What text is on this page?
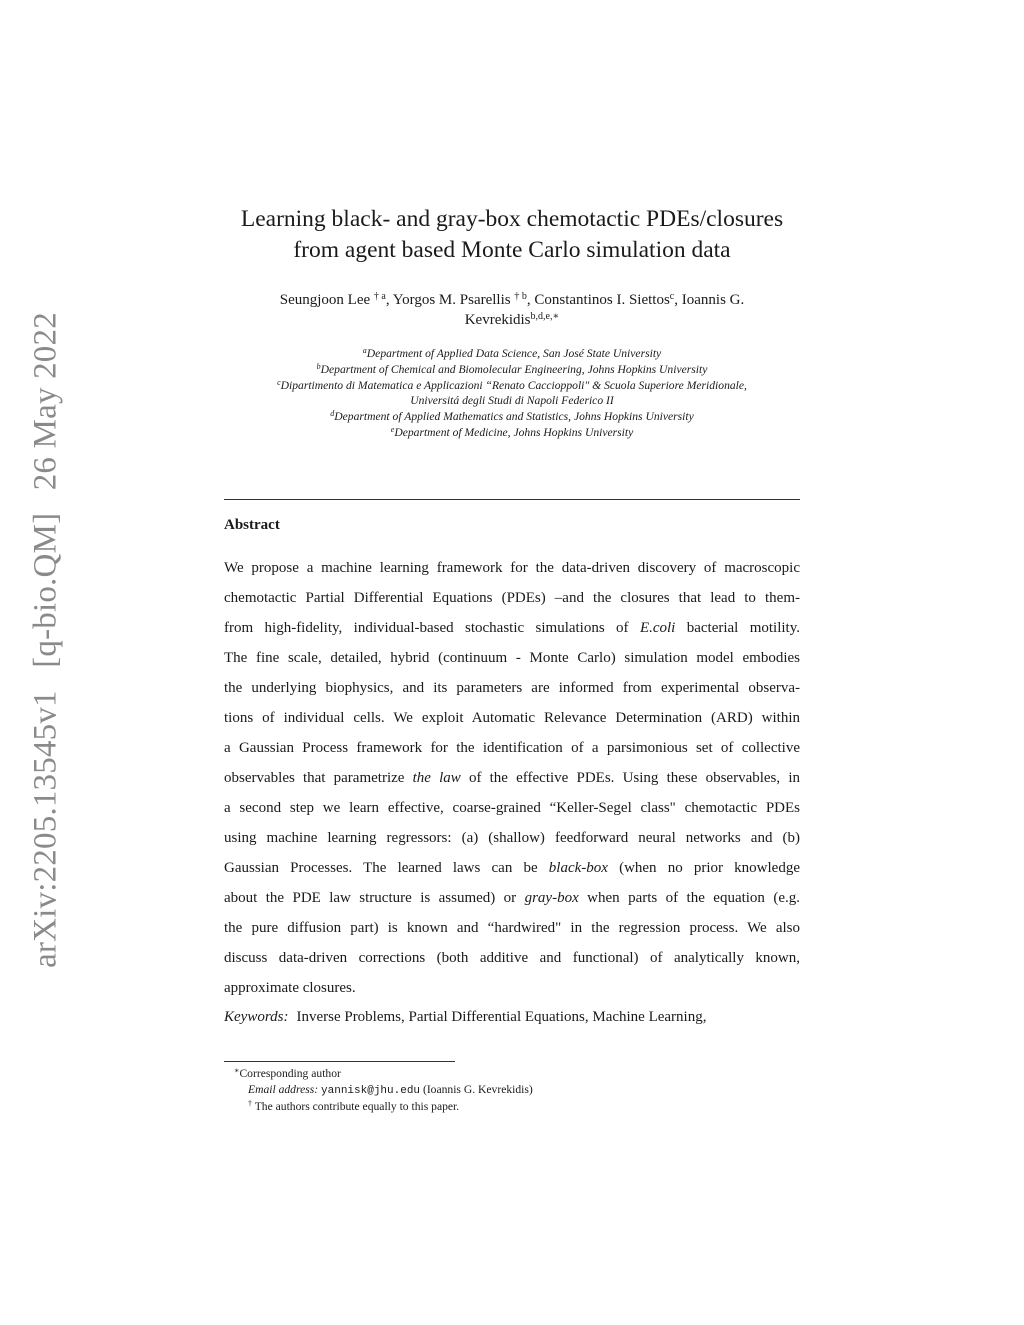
arXiv:2205.13545v1 [q-bio.QM] 26 May 2022
Learning black- and gray-box chemotactic PDEs/closures
from agent based Monte Carlo simulation data
Seungjoon Lee $^{\dagger a}$, Yorgos M. Psarellis $^{\dagger b}$, Constantinos I. Siettos$^c$, Ioannis G.
Kevrekidis$^{b,d,e,∗}$
$^a$Department of Applied Data Science, San José State University
$^b$Department of Chemical and Biomolecular Engineering, Johns Hopkins University
$^c$Dipartimento di Matematica e Applicazioni “Renato Caccioppoli" & Scuola Superiore Meridionale,
Universitá degli Studi di Napoli Federico II
$^d$Department of Applied Mathematics and Statistics, Johns Hopkins University
$^e$Department of Medicine, Johns Hopkins University
Abstract
We propose a machine learning framework for the data-driven discovery of macroscopic
chemotactic Partial Differential Equations (PDEs) –and the closures that lead to them-
from high-fidelity, individual-based stochastic simulations of E.coli bacterial motility.
The fine scale, detailed, hybrid (continuum - Monte Carlo) simulation model embodies
the underlying biophysics, and its parameters are informed from experimental observa-
tions of individual cells. We exploit Automatic Relevance Determination (ARD) within
a Gaussian Process framework for the identification of a parsimonious set of collective
observables that parametrize the law of the effective PDEs. Using these observables, in
a second step we learn effective, coarse-grained “Keller-Segel class" chemotactic PDEs
using machine learning regressors: (a) (shallow) feedforward neural networks and (b)
Gaussian Processes. The learned laws can be black-box (when no prior knowledge
about the PDE law structure is assumed) or gray-box when parts of the equation (e.g.
the pure diffusion part) is known and “hardwired" in the regression process. We also
discuss data-driven corrections (both additive and functional) of analytically known,
approximate closures.
Keywords: Inverse Problems, Partial Differential Equations, Machine Learning,
∗Corresponding author
Email address: yannisk@jhu.edu (Ioannis G. Kevrekidis)
† The authors contribute equally to this paper.
